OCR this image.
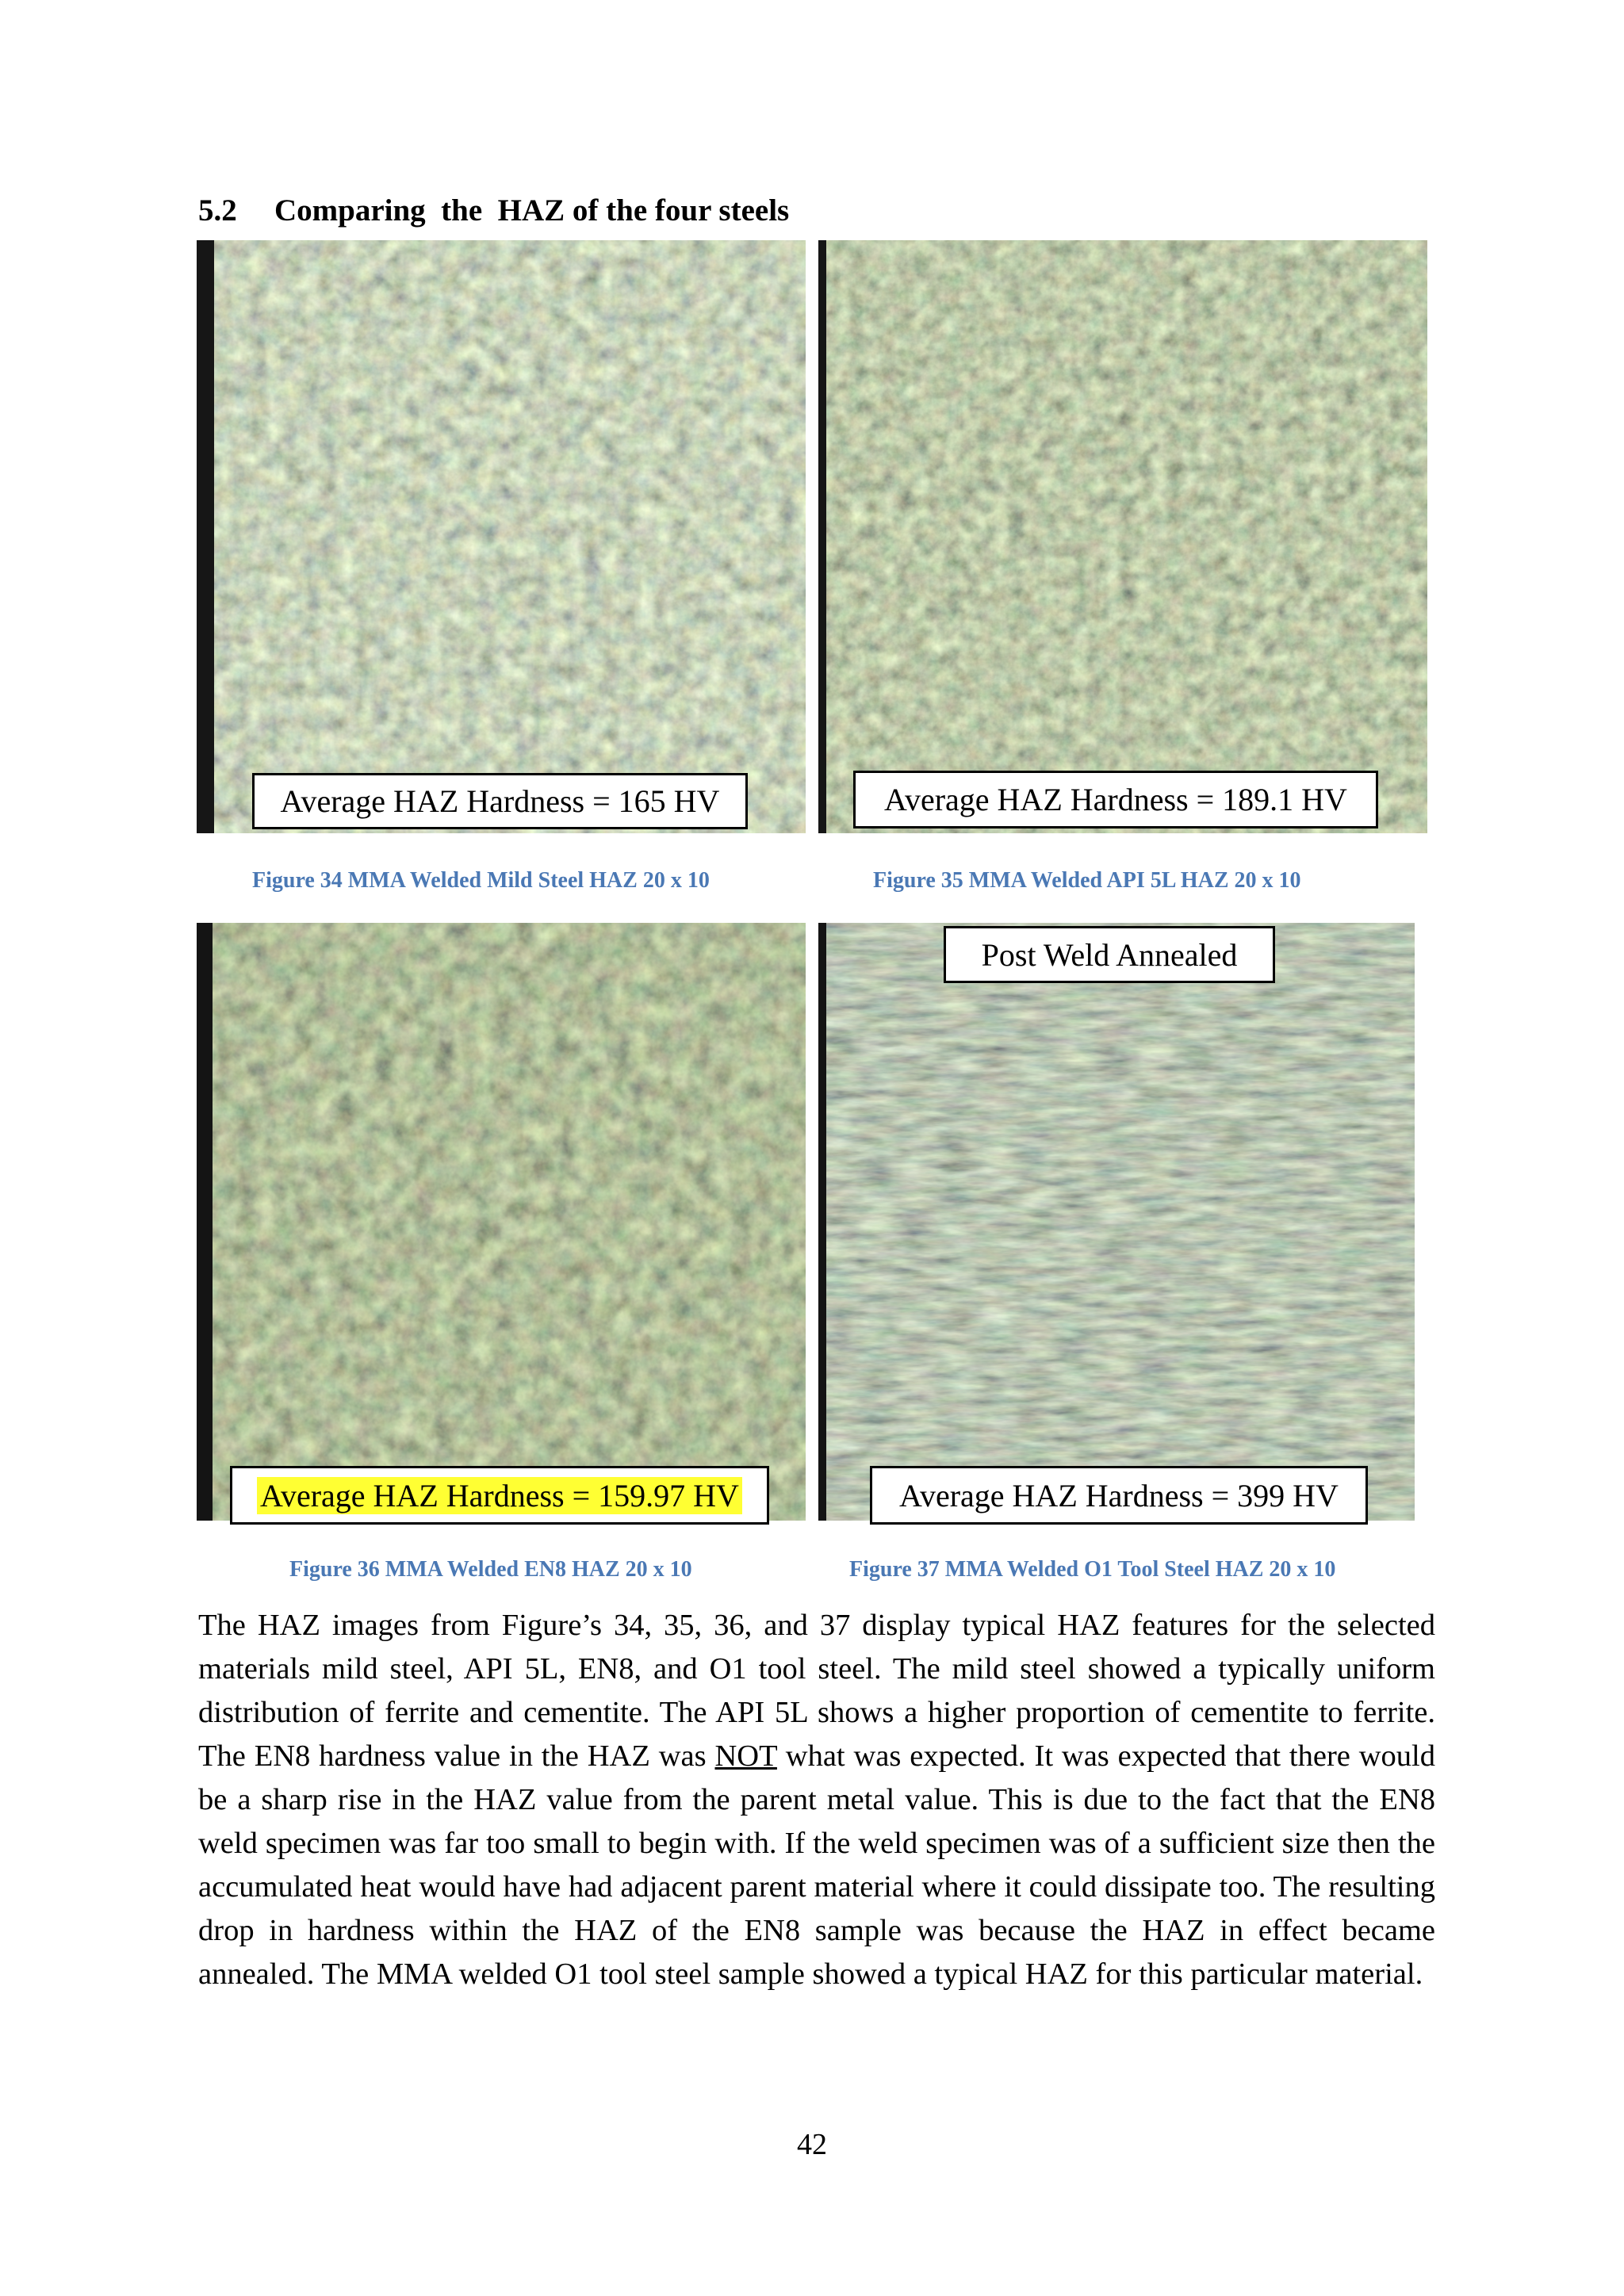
5.2 Comparing  the  HAZ of the four steels
Average HAZ Hardness = 165 HV	Average HAZ Hardness = 189.1 HV
Figure 34 MMA Welded Mild Steel HAZ 20 x 10	Figure 35 MMA Welded API 5L HAZ 20 x 10
Average HAZ Hardness = 159.97 HV
Post Weld Annealed
Average HAZ Hardness = 399 HV
Figure 36 MMA Welded EN8 HAZ 20 x 10	Figure 37 MMA Welded O1 Tool Steel HAZ 20 x 10

The HAZ images from Figure’s 34, 35, 36, and 37 display typical HAZ features for the selected materials mild steel, API 5L, EN8, and O1 tool steel. The mild steel showed a typically uniform distribution of ferrite and cementite. The API 5L shows a higher proportion of cementite to ferrite. The EN8 hardness value in the HAZ was NOT what was expected. It was expected that there would be a sharp rise in the HAZ value from the parent metal value. This is due to the fact that the EN8 weld specimen was far too small to begin with. If the weld specimen was of a sufficient size then the accumulated heat would have had adjacent parent material where it could dissipate too. The resulting drop in hardness within the HAZ of the EN8 sample was because the HAZ in effect became annealed. The MMA welded O1 tool steel sample showed a typical HAZ for this particular material.

42
